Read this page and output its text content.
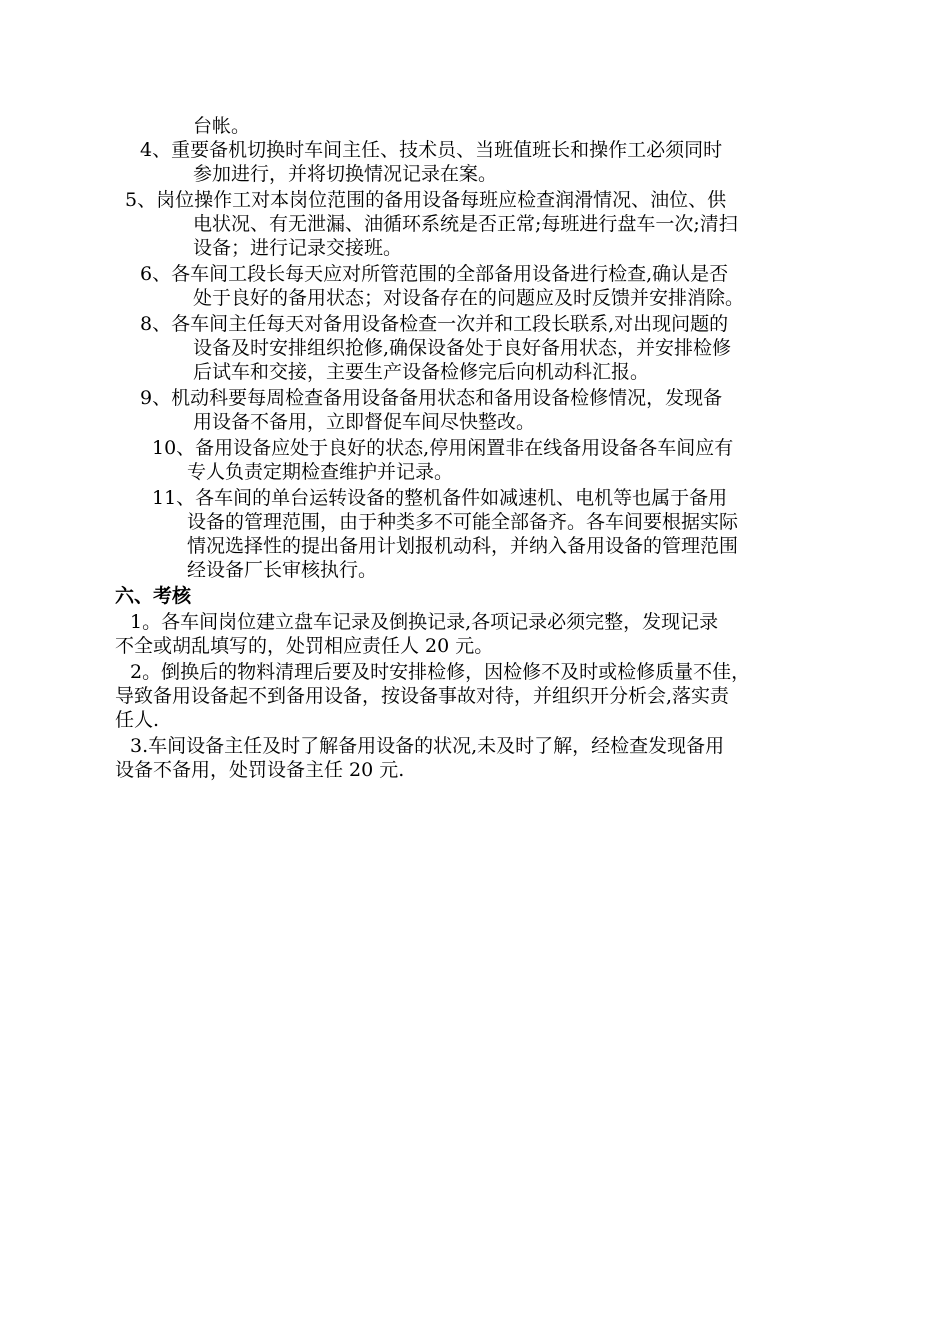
台帐。
4、重要备机切换时车间主任、技术员、当班值班长和操作工必须同时
参加进行，并将切换情况记录在案。
5、岗位操作工对本岗位范围的备用设备每班应检查润滑情况、油位、供
电状况、有无泄漏、油循环系统是否正常;每班进行盘车一次;清扫
设备；进行记录交接班。
6、各车间工段长每天应对所管范围的全部备用设备进行检查,确认是否
处于良好的备用状态；对设备存在的问题应及时反馈并安排消除。
8、各车间主任每天对备用设备检查一次并和工段长联系,对出现问题的
设备及时安排组织抢修,确保设备处于良好备用状态，并安排检修
后试车和交接，主要生产设备检修完后向机动科汇报。
9、机动科要每周检查备用设备备用状态和备用设备检修情况，发现备
用设备不备用，立即督促车间尽快整改。
10、备用设备应处于良好的状态,停用闲置非在线备用设备各车间应有
专人负责定期检查维护并记录。
11、各车间的单台运转设备的整机备件如减速机、电机等也属于备用
设备的管理范围，由于种类多不可能全部备齐。各车间要根据实际
情况选择性的提出备用计划报机动科，并纳入备用设备的管理范围
经设备厂长审核执行。
六、考核
1。各车间岗位建立盘车记录及倒换记录,各项记录必须完整，发现记录
不全或胡乱填写的，处罚相应责任人 20 元。
2。倒换后的物料清理后要及时安排检修，因检修不及时或检修质量不佳，
导致备用设备起不到备用设备，按设备事故对待，并组织开分析会,落实责
任人.
3.车间设备主任及时了解备用设备的状况,未及时了解，经检查发现备用
设备不备用，处罚设备主任 20 元.
